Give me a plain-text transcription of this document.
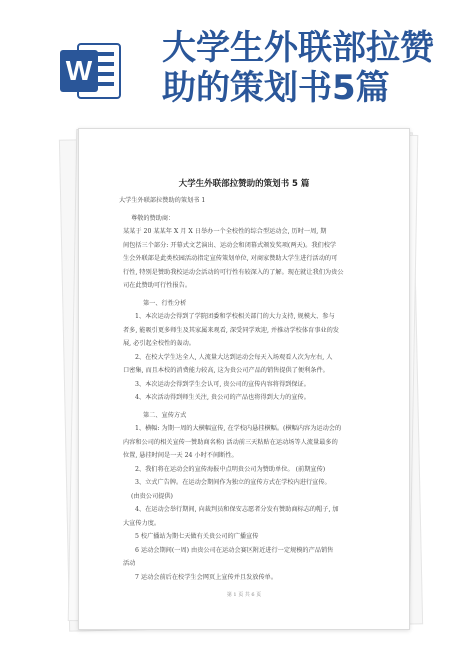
W
大学生外联部拉赞
助的策划书5篇
大学生外联部拉赞助的策划书 5 篇
大学生外联部拉赞助的策划书 1
尊敬的赞助商：
某某于 20 某某年 X 月 X 日举办一个全校性的综合型运动会, 历时一周, 期
间包括三个部分: 开幕式文艺演出、运动会和闭幕式颁发奖项(两天)。我们校学
生会外联部是此类校园活动指定宣传策划单位, 对商家赞助大学生进行活动的可
行性, 特别是赞助我校运动会活动的可行性有较深入的了解。现在就让我们为贵公
司在此赞助可行性报告。
第一、行性分析
1、本次运动会得到了学院团委和学校相关部门的大力支持, 规模大、参与
者多, 能吸引更多师生及其家属来观看, 深受同学欢迎, 并推动学校体育事业的发
展, 必引起全校性的轰动。
2、在校大学生达全人, 人流量大达到运动会每天入场观看人次为左右, 人
口密集, 而且本校的消费能力较高, 这为贵公司产品的销售提供了便利条件。
3、本次运动会得到学生会认可, 贵公司的宣传内容将得到保证。
4、本次活动得到师生关注, 贵公司的产品也将得到大力的宣传。
第二、宣传方式
1、横幅: 为期一周的大横幅宣传, 在学校内悬挂横幅。(横幅内容为运动会的
内容和公司的相关宣传一赞助商名称) 活动前三天粘贴在运动场等人流量最多的
位置, 悬挂时间是一天 24 小时不间断性。
2、我们将在运动会的宣传海报中点明贵公司为赞助单位。 (前期宣传)
3、立式广告牌。在运动会期间作为独立的宣传方式在学校内进行宣传。
(由贵公司提供)
4、在运动会举行期间, 向裁判员和保安志愿者分发有赞助商标志的帽子, 加
大宣传力度。
5 校广播站为期七天做有关贵公司的广播宣传
6 运动会期间(一周) 由贵公司在运动会赛区附近进行一定规模的产品销售
活动
7 运动会前后在校学生会网页上宣传并且发放传单。
第 1 页 共 6 页
